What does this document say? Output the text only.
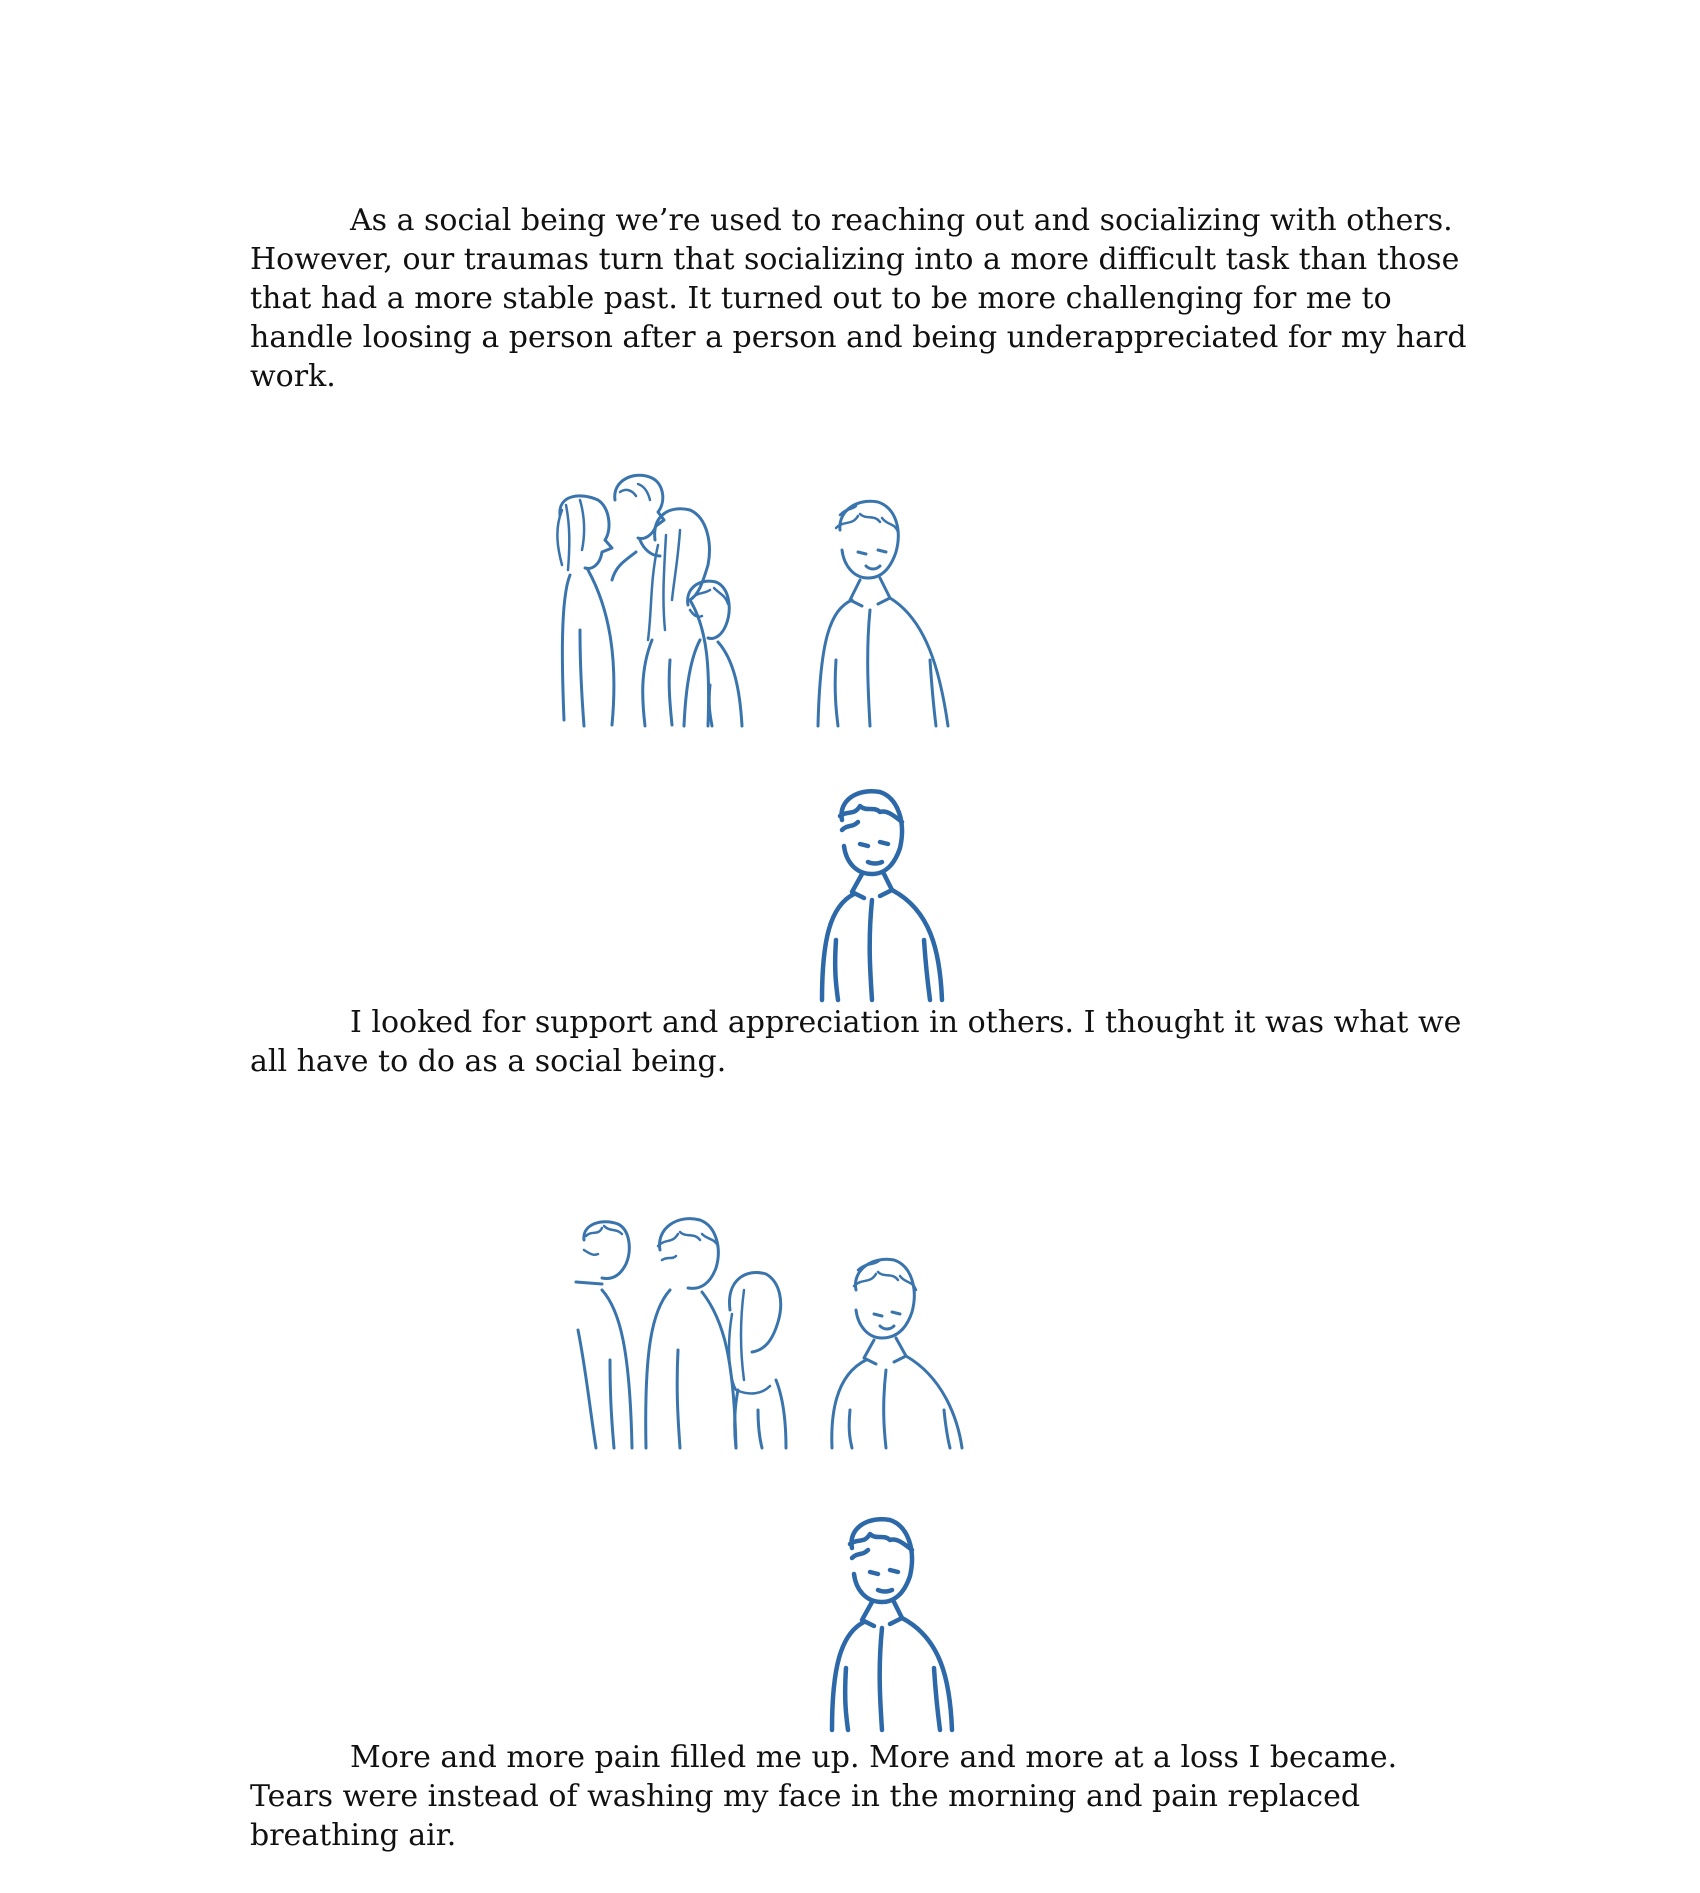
As a social being we’re used to reaching out and socializing with others. However, our traumas turn that socializing into a more difficult task than those that had a more stable past. It turned out to be more challenging for me to handle loosing a person after a person and being underappreciated for my hard work.

I looked for support and appreciation in others. I thought it was what we all have to do as a social being.

More and more pain filled me up. More and more at a loss I became. Tears were instead of washing my face in the morning and pain replaced breathing air.
